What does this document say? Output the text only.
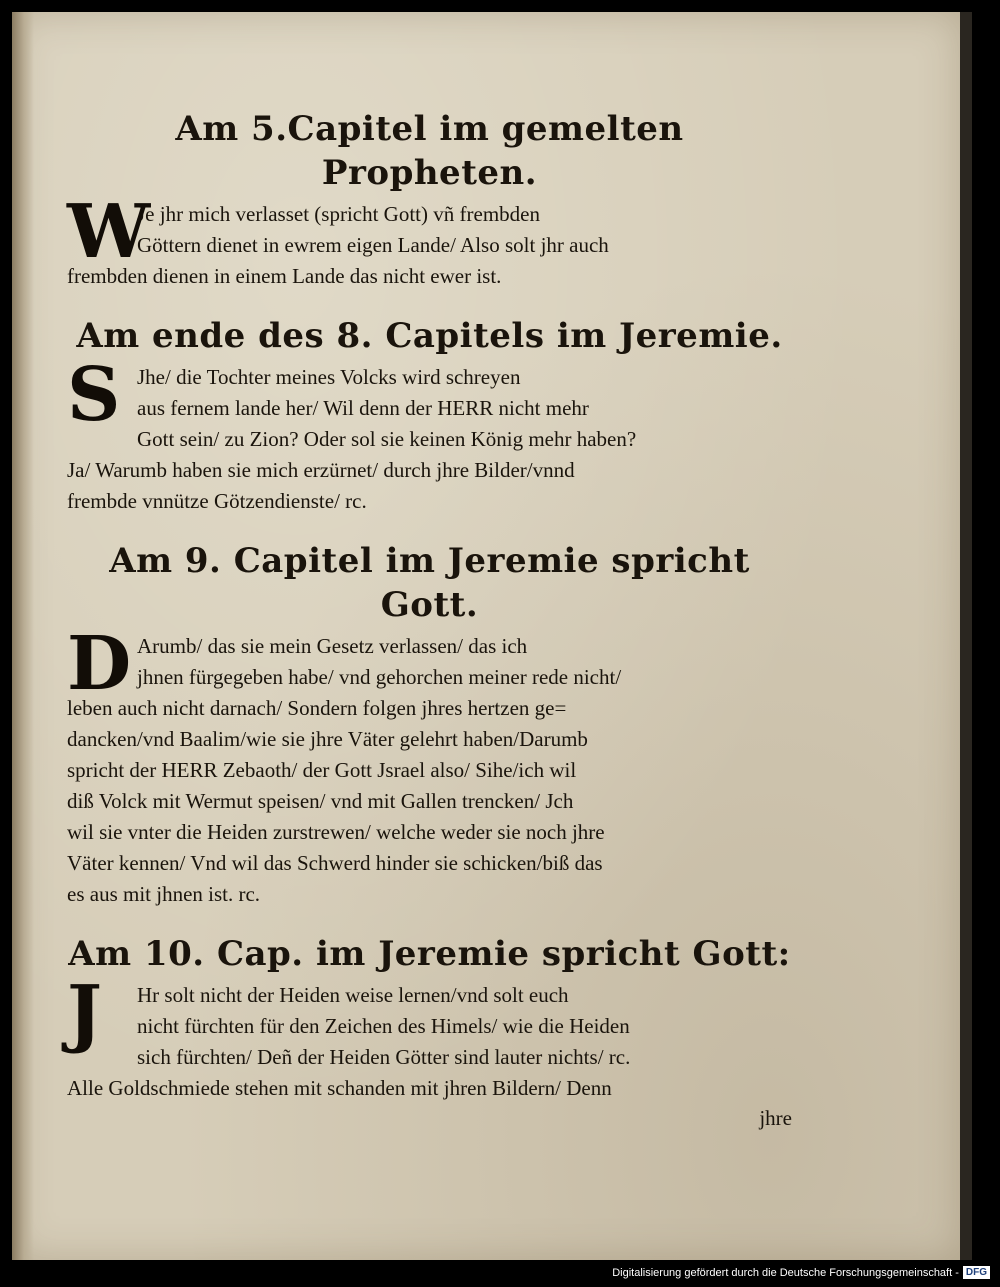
Am 5.Capitel im gemelten Propheten.
W
Je jhr mich verlasset (spricht Gott) vñ frembden
Göttern dienet in ewrem eigen Lande/ Also solt jhr auch
frembden dienen in einem Lande das nicht ewer ist.
Am ende des 8. Capitels im Jeremie.
S Jhe/ die Tochter meines Volcks wird schreyen
aus fernem lande her/ Wil denn der HERR nicht mehr
Gott sein/ zu Zion? Oder sol sie keinen König mehr haben?
Ja/ Warumb haben sie mich erzürnet/ durch jhre Bilder/vnnd
frembde vnnütze Götzendienste/ rc.
Am 9. Capitel im Jeremie spricht Gott.
D Arumb/ das sie mein Gesetz verlassen/ das ich
jhnen fürgegeben habe/ vnd gehorchen meiner rede nicht/
leben auch nicht darnach/ Sondern folgen jhres hertzen ge=
dancken/vnd Baalim/wie sie jhre Väter gelehrt haben/Darumb
spricht der HERR Zebaoth/ der Gott Jsrael also/ Sihe/ich wil
diß Volck mit Wermut speisen/ vnd mit Gallen trencken/ Jch
wil sie vnter die Heiden zurstrewen/ welche weder sie noch jhre
Väter kennen/ Vnd wil das Schwerd hinder sie schicken/biß das
es aus mit jhnen ist. rc.
Am 10. Cap. im Jeremie spricht Gott:
J	Hr solt nicht der Heiden weise lernen/vnd solt euch
nicht fürchten für den Zeichen des Himels/ wie die Heiden
sich fürchten/ Deñ der Heiden Götter sind lauter nichts/ rc.
Alle Goldschmiede stehen mit schanden mit jhren Bildern/ Denn

jhre

Digitalisierung gefördert durch die Deutsche Forschungsgemeinschaft - DFG
